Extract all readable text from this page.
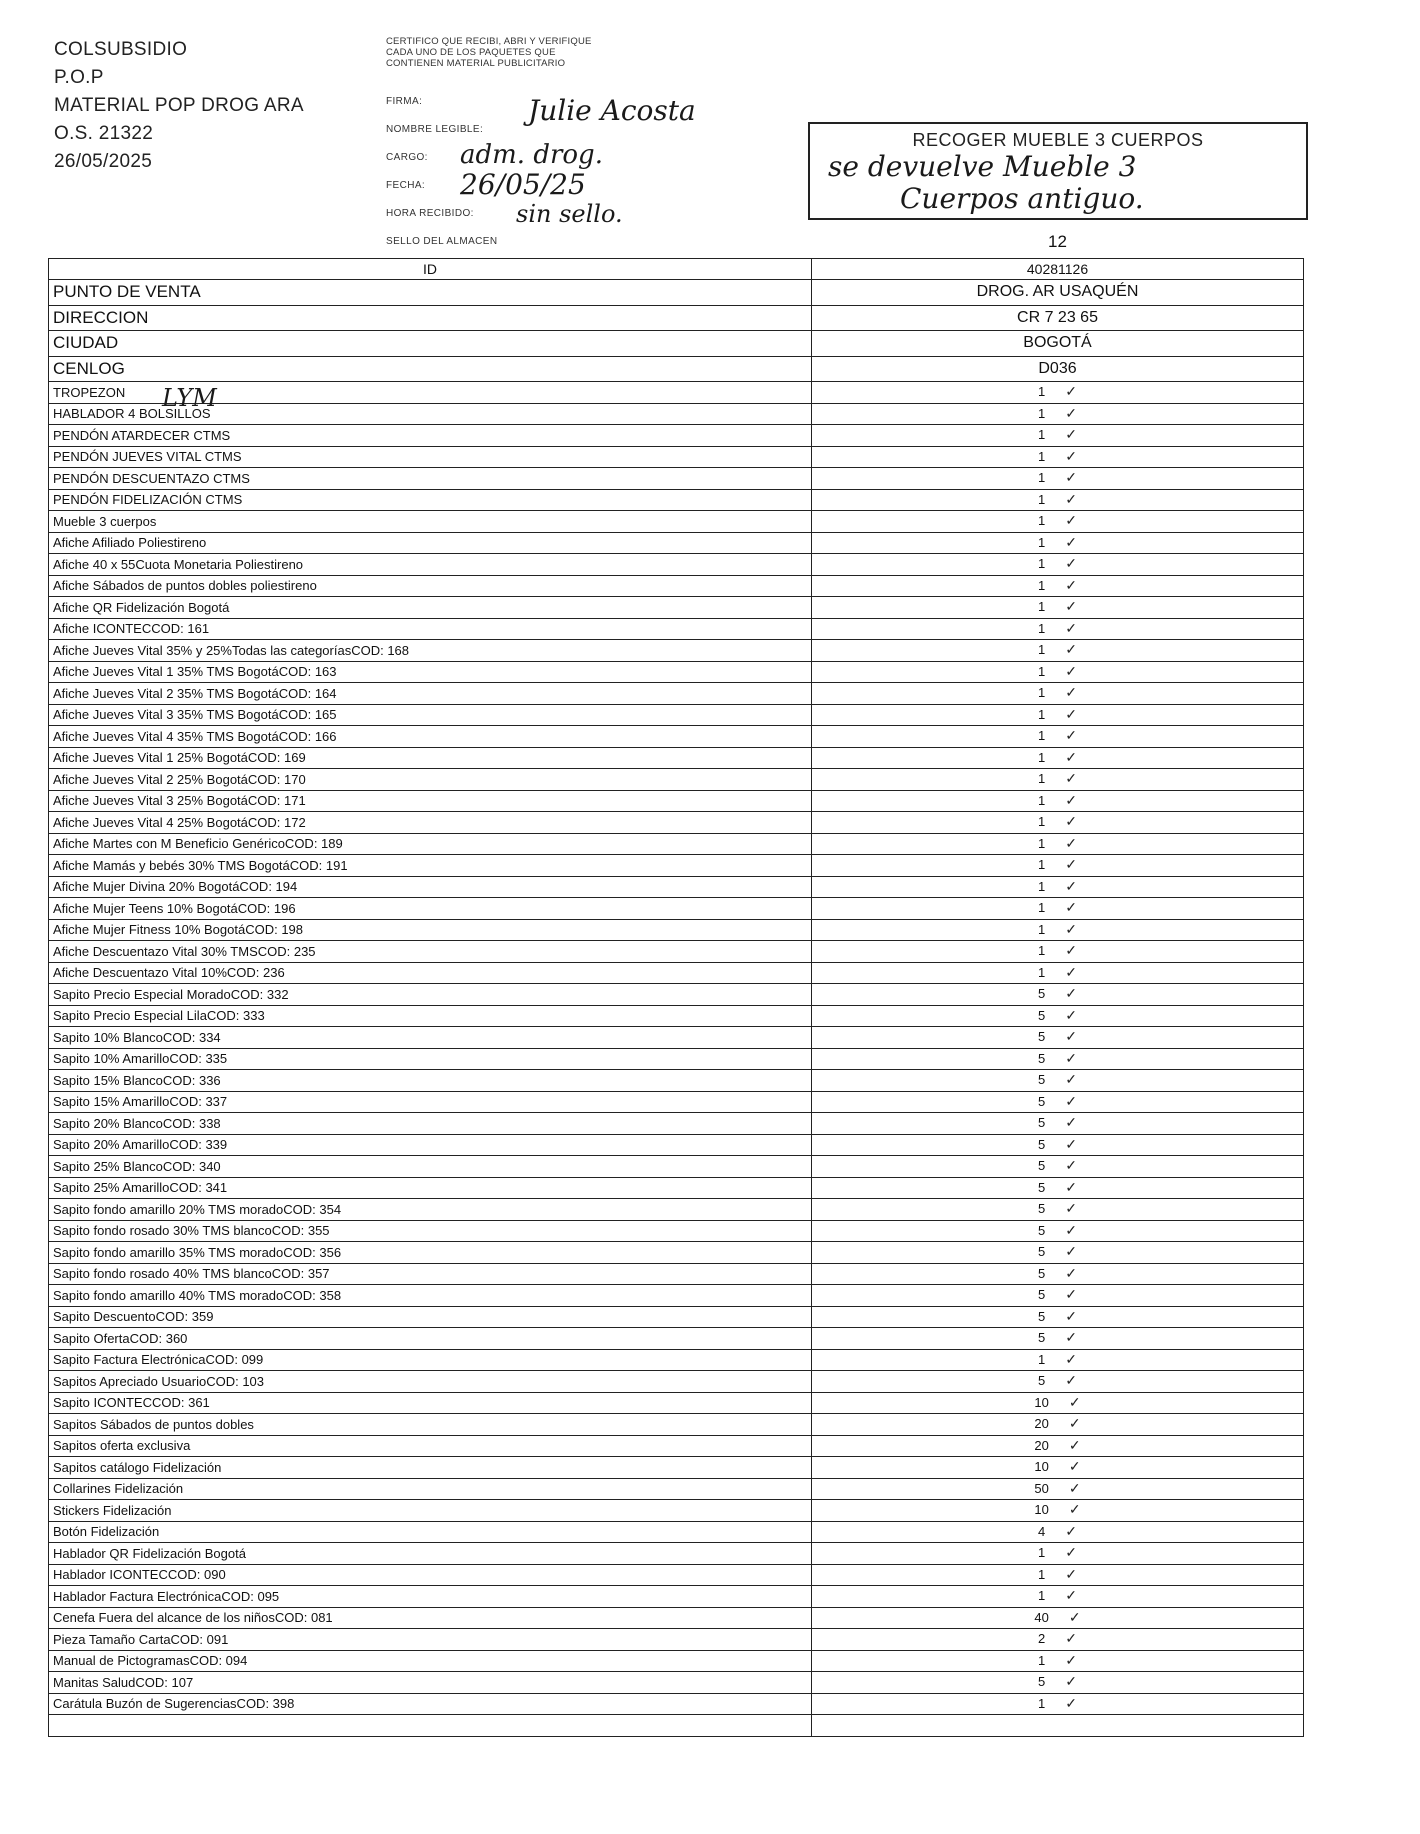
COLSUBSIDIO
P.O.P
MATERIAL POP DROG ARA
O.S. 21322
26/05/2025
CERTIFICO QUE RECIBI, ABRI Y VERIFIQUE
CADA UNO DE LOS PAQUETES QUE
CONTIENEN MATERIAL PUBLICITARIO
FIRMA:
NOMBRE LEGIBLE:
CARGO:
FECHA:
HORA RECIBIDO:
SELLO DEL ALMACEN
Julie Acosta
adm. drog.
26/05/25
sin sello.
RECOGER MUEBLE 3 CUERPOS
se devuelve Mueble 3
Cuerpos antiguo.
12
ID	40281126
PUNTO DE VENTA	DROG. AR USAQUÉN
DIRECCION	CR 7 23 65
CIUDAD	BOGOTÁ
CENLOG	D036
TROPEZON	1 ✓
HABLADOR 4 BOLSILLOS	1 ✓
PENDÓN ATARDECER CTMS	1 ✓
PENDÓN JUEVES VITAL CTMS	1 ✓
PENDÓN DESCUENTAZO CTMS	1 ✓
PENDÓN FIDELIZACIÓN CTMS	1 ✓
Mueble 3 cuerpos	1 ✓
Afiche Afiliado Poliestireno	1 ✓
Afiche 40 x 55Cuota Monetaria Poliestireno	1 ✓
Afiche Sábados de puntos dobles poliestireno	1 ✓
Afiche QR Fidelización Bogotá	1 ✓
Afiche ICONTECCOD: 161	1 ✓
Afiche Jueves Vital 35% y 25%Todas las categoríasCOD: 168	1 ✓
Afiche Jueves Vital 1 35% TMS BogotáCOD: 163	1 ✓
Afiche Jueves Vital 2 35% TMS BogotáCOD: 164	1 ✓
Afiche Jueves Vital 3 35% TMS BogotáCOD: 165	1 ✓
Afiche Jueves Vital 4 35% TMS BogotáCOD: 166	1 ✓
Afiche Jueves Vital 1 25% BogotáCOD: 169	1 ✓
Afiche Jueves Vital 2 25% BogotáCOD: 170	1 ✓
Afiche Jueves Vital 3 25% BogotáCOD: 171	1 ✓
Afiche Jueves Vital 4 25% BogotáCOD: 172	1 ✓
Afiche Martes con M Beneficio GenéricoCOD: 189	1 ✓
Afiche Mamás y bebés 30% TMS BogotáCOD: 191	1 ✓
Afiche Mujer Divina 20% BogotáCOD: 194	1 ✓
Afiche Mujer Teens 10% BogotáCOD: 196	1 ✓
Afiche Mujer Fitness 10% BogotáCOD: 198	1 ✓
Afiche Descuentazo Vital 30% TMSCOD: 235	1 ✓
Afiche Descuentazo Vital 10%COD: 236	1 ✓
Sapito Precio Especial MoradoCOD: 332	5 ✓
Sapito Precio Especial LilaCOD: 333	5 ✓
Sapito 10% BlancoCOD: 334	5 ✓
Sapito 10% AmarilloCOD: 335	5 ✓
Sapito 15% BlancoCOD: 336	5 ✓
Sapito 15% AmarilloCOD: 337	5 ✓
Sapito 20% BlancoCOD: 338	5 ✓
Sapito 20% AmarilloCOD: 339	5 ✓
Sapito 25% BlancoCOD: 340	5 ✓
Sapito 25% AmarilloCOD: 341	5 ✓
Sapito fondo amarillo 20% TMS moradoCOD: 354	5 ✓
Sapito fondo rosado 30% TMS blancoCOD: 355	5 ✓
Sapito fondo amarillo 35% TMS moradoCOD: 356	5 ✓
Sapito fondo rosado 40% TMS blancoCOD: 357	5 ✓
Sapito fondo amarillo 40% TMS moradoCOD: 358	5 ✓
Sapito DescuentoCOD: 359	5 ✓
Sapito OfertaCOD: 360	5 ✓
Sapito Factura ElectrónicaCOD: 099	1 ✓
Sapitos Apreciado UsuarioCOD: 103	5 ✓
Sapito ICONTECCOD: 361	10 ✓
Sapitos Sábados de puntos dobles	20 ✓
Sapitos oferta exclusiva	20 ✓
Sapitos catálogo Fidelización	10 ✓
Collarines Fidelización	50 ✓
Stickers Fidelización	10 ✓
Botón Fidelización	4 ✓
Hablador QR Fidelización Bogotá	1 ✓
Hablador ICONTECCOD: 090	1 ✓
Hablador Factura ElectrónicaCOD: 095	1 ✓
Cenefa Fuera del alcance de los niñosCOD: 081	40 ✓
Pieza Tamaño CartaCOD: 091	2 ✓
Manual de PictogramasCOD: 094	1 ✓
Manitas SaludCOD: 107	5 ✓
Carátula Buzón de SugerenciasCOD: 398	1 ✓

LYM
